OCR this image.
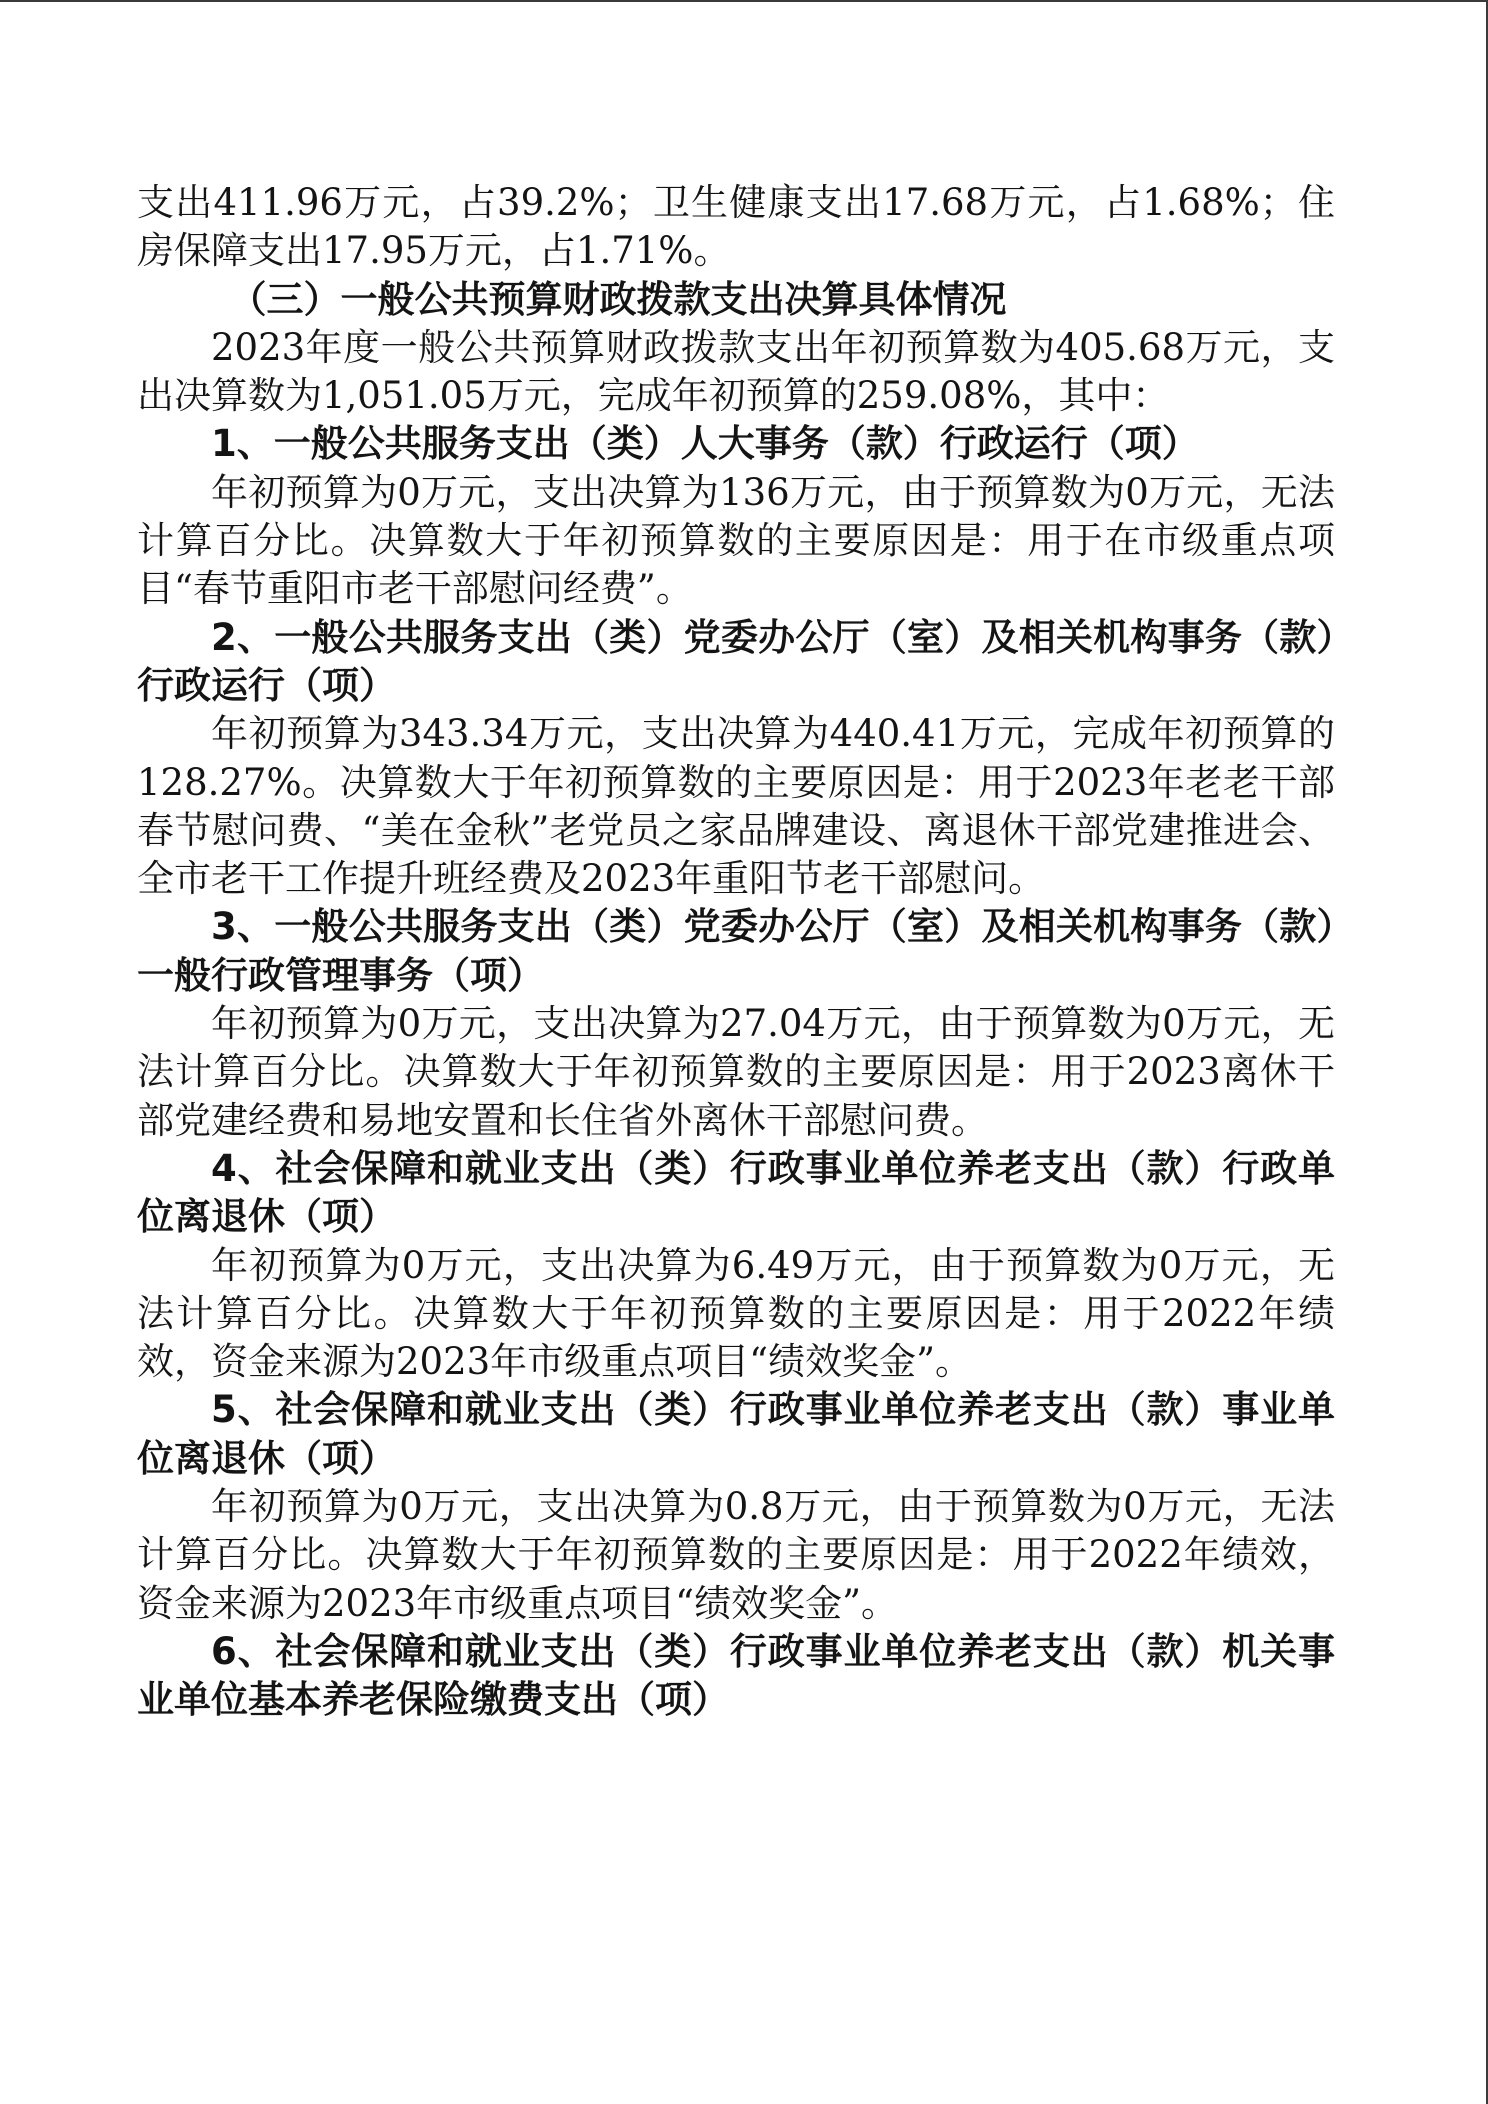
支出411.96万元，占39.2%；卫生健康支出17.68万元，占1.68%；住房保障支出17.95万元，占1.71%。

（三）一般公共预算财政拨款支出决算具体情况

2023年度一般公共预算财政拨款支出年初预算数为405.68万元，支出决算数为1,051.05万元，完成年初预算的259.08%，其中：

1、一般公共服务支出（类）人大事务（款）行政运行（项）

年初预算为0万元，支出决算为136万元，由于预算数为0万元，无法计算百分比。决算数大于年初预算数的主要原因是：用于在市级重点项目“春节重阳市老干部慰问经费”。

2、一般公共服务支出（类）党委办公厅（室）及相关机构事务（款）行政运行（项）

年初预算为343.34万元，支出决算为440.41万元，完成年初预算的128.27%。决算数大于年初预算数的主要原因是：用于2023年老老干部春节慰问费、“美在金秋”老党员之家品牌建设、离退休干部党建推进会、全市老干工作提升班经费及2023年重阳节老干部慰问。

3、一般公共服务支出（类）党委办公厅（室）及相关机构事务（款）一般行政管理事务（项）

年初预算为0万元，支出决算为27.04万元，由于预算数为0万元，无法计算百分比。决算数大于年初预算数的主要原因是：用于2023离休干部党建经费和易地安置和长住省外离休干部慰问费。

4、社会保障和就业支出（类）行政事业单位养老支出（款）行政单位离退休（项）

年初预算为0万元，支出决算为6.49万元，由于预算数为0万元，无法计算百分比。决算数大于年初预算数的主要原因是：用于2022年绩效，资金来源为2023年市级重点项目“绩效奖金”。

5、社会保障和就业支出（类）行政事业单位养老支出（款）事业单位离退休（项）

年初预算为0万元，支出决算为0.8万元，由于预算数为0万元，无法计算百分比。决算数大于年初预算数的主要原因是：用于2022年绩效，资金来源为2023年市级重点项目“绩效奖金”。

6、社会保障和就业支出（类）行政事业单位养老支出（款）机关事业单位基本养老保险缴费支出（项）
